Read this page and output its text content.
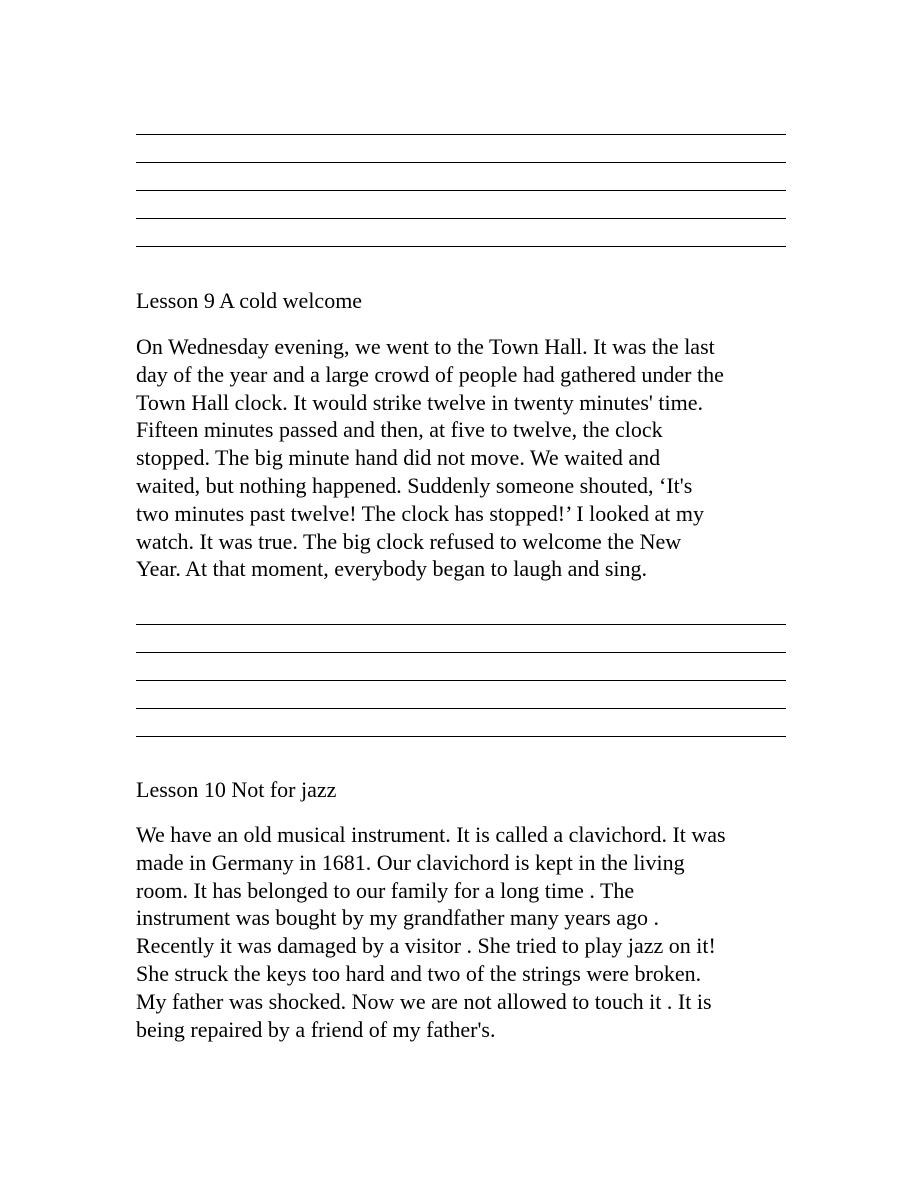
Lesson 9 A cold welcome
On Wednesday evening, we went to the Town Hall. It was the last
day of the year and a large crowd of people had gathered under the
Town Hall clock. It would strike twelve in twenty minutes' time.
Fifteen minutes passed and then, at five to twelve, the clock
stopped. The big minute hand did not move. We waited and
waited, but nothing happened. Suddenly someone shouted, ‘It's
two minutes past twelve! The clock has stopped!’ I looked at my
watch. It was true. The big clock refused to welcome the New
Year. At that moment, everybody began to laugh and sing.
Lesson 10 Not for jazz
We have an old musical instrument. It is called a clavichord. It was
made in Germany in 1681. Our clavichord is kept in the living
room. It has belonged to our family for a long time . The
instrument was bought by my grandfather many years ago .
Recently it was damaged by a visitor . She tried to play jazz on it!
She struck the keys too hard and two of the strings were broken.
My father was shocked. Now we are not allowed to touch it . It is
being repaired by a friend of my father's.
